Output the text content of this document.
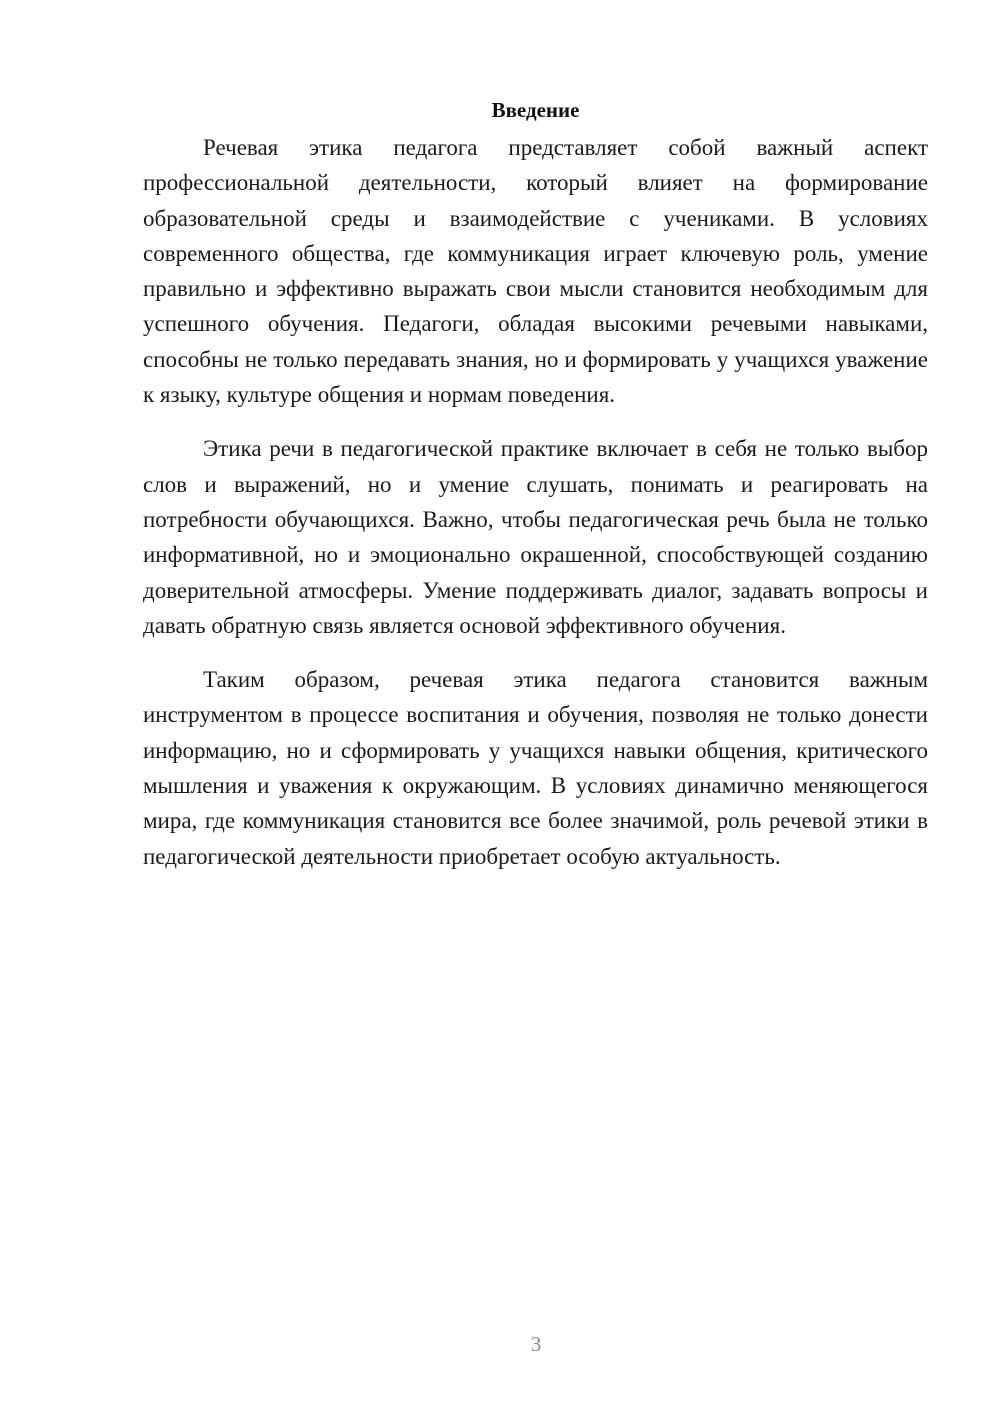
Введение

Речевая этика педагога представляет собой важный аспект профессиональной деятельности, который влияет на формирование образовательной среды и взаимодействие с учениками. В условиях современного общества, где коммуникация играет ключевую роль, умение правильно и эффективно выражать свои мысли становится необходимым для успешного обучения. Педагоги, обладая высокими речевыми навыками, способны не только передавать знания, но и формировать у учащихся уважение к языку, культуре общения и нормам поведения.

Этика речи в педагогической практике включает в себя не только выбор слов и выражений, но и умение слушать, понимать и реагировать на потребности обучающихся. Важно, чтобы педагогическая речь была не только информативной, но и эмоционально окрашенной, способствующей созданию доверительной атмосферы. Умение поддерживать диалог, задавать вопросы и давать обратную связь является основой эффективного обучения.

Таким образом, речевая этика педагога становится важным инструментом в процессе воспитания и обучения, позволяя не только донести информацию, но и сформировать у учащихся навыки общения, критического мышления и уважения к окружающим. В условиях динамично меняющегося мира, где коммуникация становится все более значимой, роль речевой этики в педагогической деятельности приобретает особую актуальность.

3
